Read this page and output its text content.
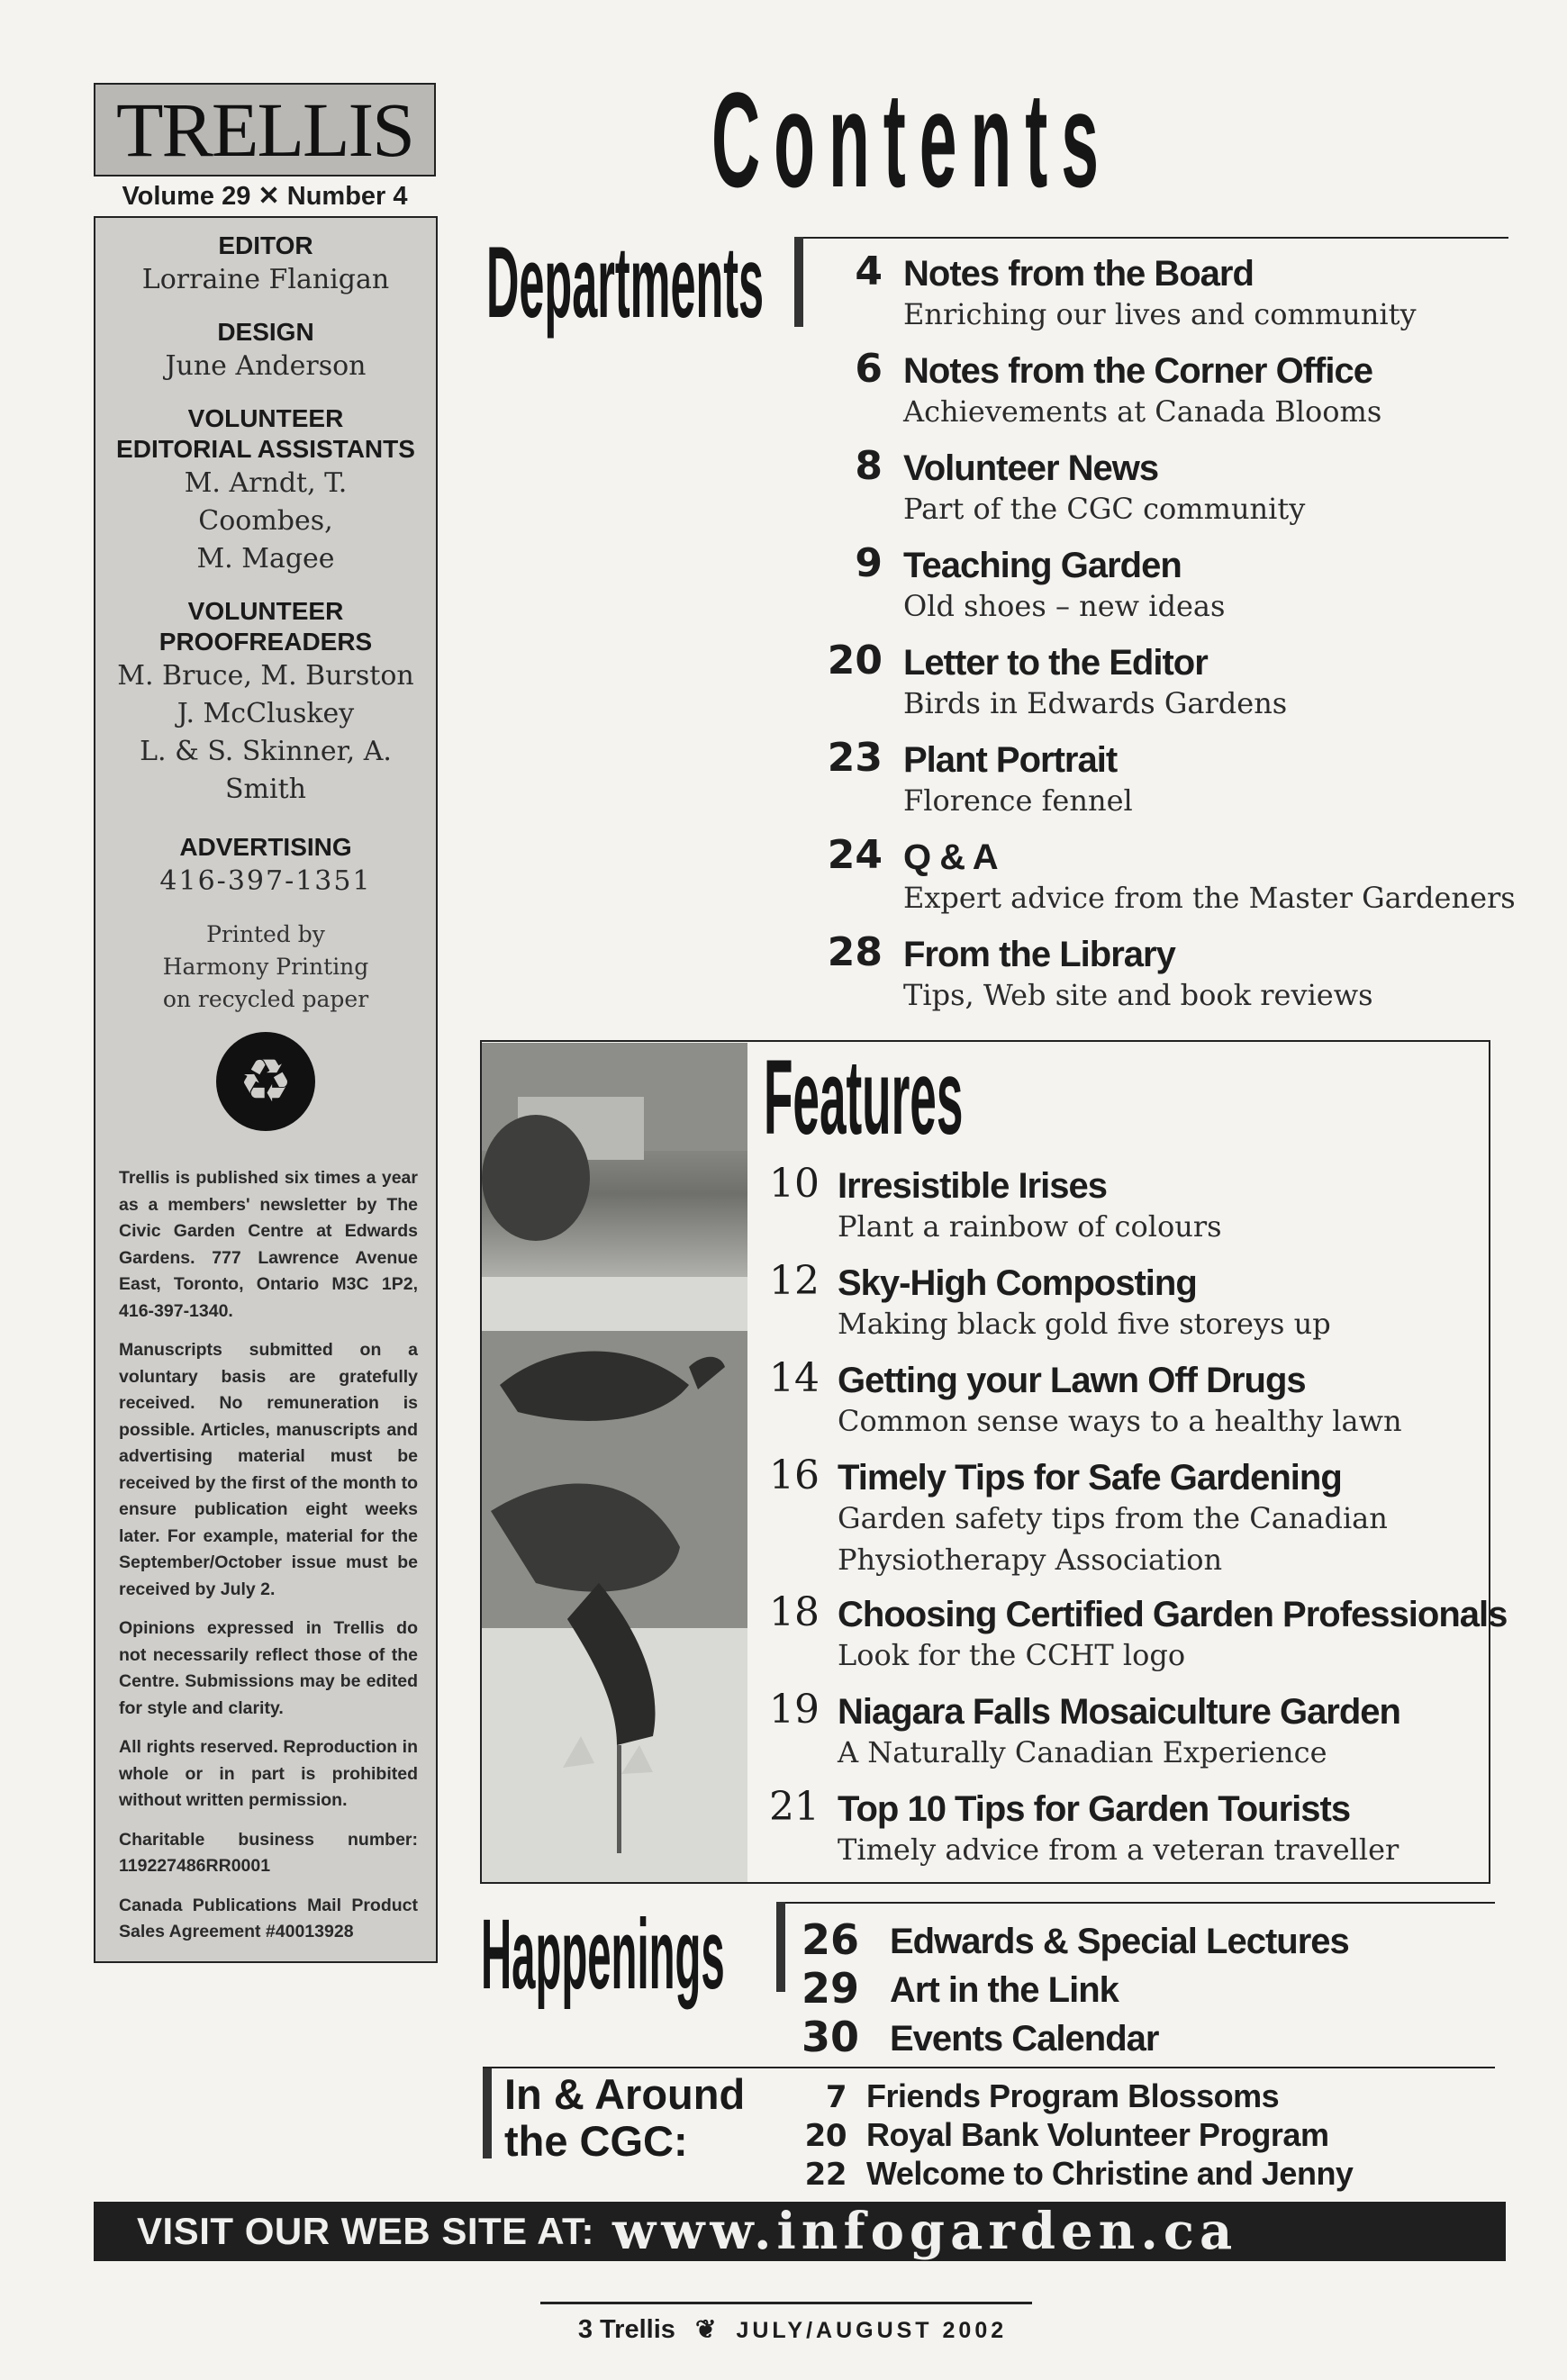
TRELLIS
Volume 29 ✕ Number 4
EDITOR
Lorraine Flanigan
DESIGN
June Anderson
VOLUNTEER
EDITORIAL ASSISTANTS
M. Arndt, T. Coombes,
M. Magee
VOLUNTEER
PROOFREADERS
M. Bruce, M. Burston
J. McCluskey
L. & S. Skinner, A. Smith
ADVERTISING
416-397-1351
Printed by
Harmony Printing
on recycled paper
♻
Trellis is published six times a year as a members' newsletter by The Civic Garden Centre at Edwards Gardens. 777 Lawrence Avenue East, Toronto, Ontario M3C 1P2, 416-397-1340.
Manuscripts submitted on a voluntary basis are gratefully received. No remuneration is possible. Articles, manuscripts and advertising material must be received by the first of the month to ensure publication eight weeks later. For example, material for the September/October issue must be received by July 2.
Opinions expressed in Trellis do not necessarily reflect those of the Centre. Submissions may be edited for style and clarity.
All rights reserved. Reproduction in whole or in part is prohibited without written permission.
Charitable business number: 119227486RR0001
Canada Publications Mail Product Sales Agreement #40013928
Contents
Departments	4 Notes from the Board
Enriching our lives and community
6 Notes from the Corner Office
Achievements at Canada Blooms
8 Volunteer News
Part of the CGC community
9 Teaching Garden
Old shoes – new ideas
20 Letter to the Editor
Birds in Edwards Gardens
23 Plant Portrait
Florence fennel
24 Q & A
Expert advice from the Master Gardeners
28 From the Library
Tips, Web site and book reviews
Features
10 Irresistible Irises
Plant a rainbow of colours
12 Sky-High Composting
Making black gold five storeys up
14 Getting your Lawn Off Drugs
Common sense ways to a healthy lawn
16 Timely Tips for Safe Gardening
Garden safety tips from the Canadian
Physiotherapy Association
18 Choosing Certified Garden Professionals
Look for the CCHT logo
19 Niagara Falls Mosaiculture Garden
A Naturally Canadian Experience
21 Top 10 Tips for Garden Tourists
Timely advice from a veteran traveller
Happenings 26 Edwards & Special Lectures
29 Art in the Link
30 Events Calendar
In & Around
the CGC:
7 Friends Program Blossoms
20 Royal Bank Volunteer Program
22 Welcome to Christine and Jenny
VISIT OUR WEB SITE AT: www.infogarden.ca
3 Trellis ❦ JULY/AUGUST 2002
